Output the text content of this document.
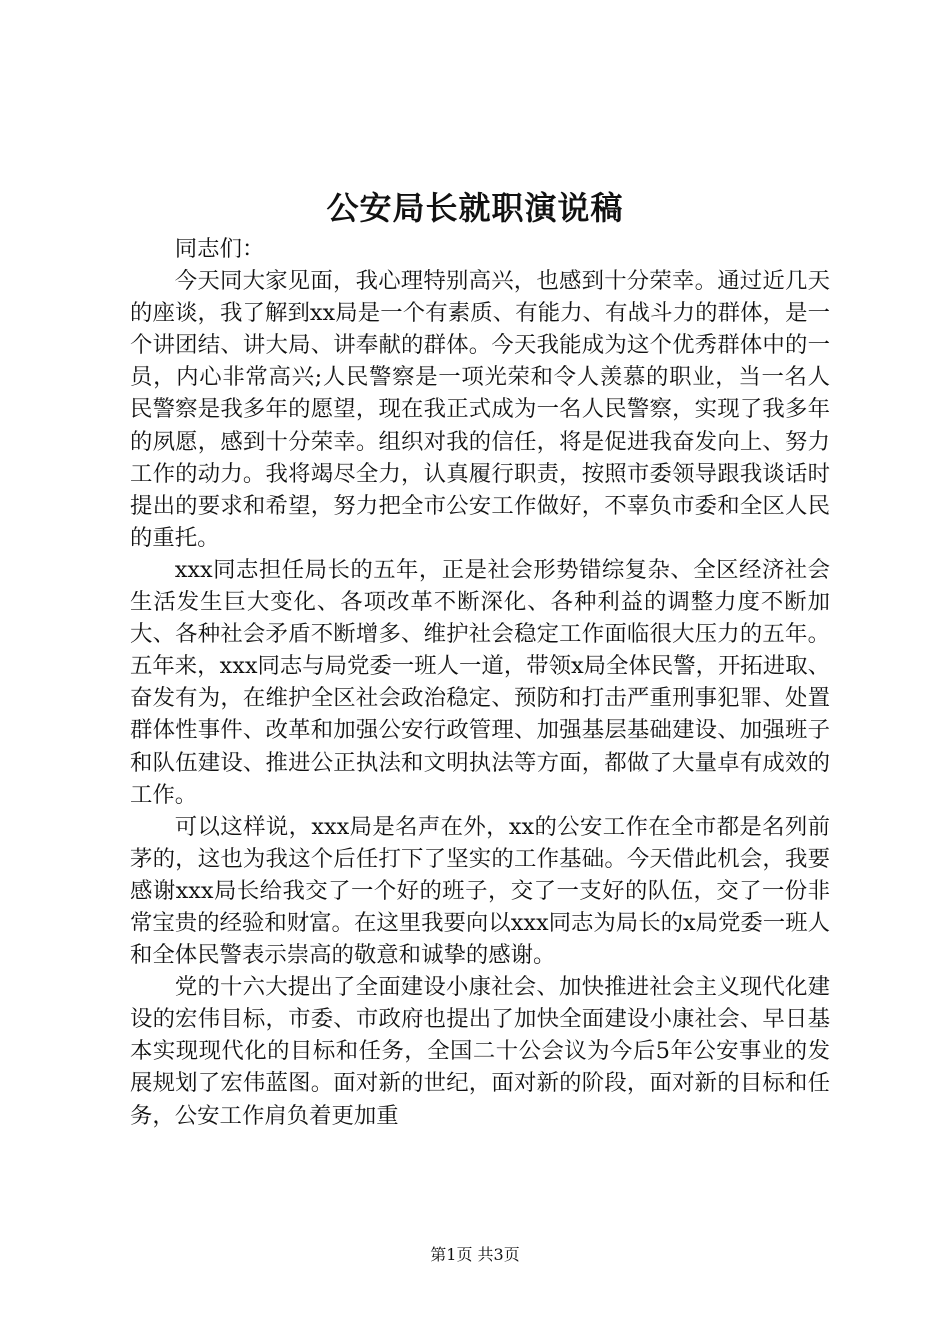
公安局长就职演说稿

同志们：

今天同大家见面，我心理特别高兴，也感到十分荣幸。通过近几天的座谈，我了解到xx局是一个有素质、有能力、有战斗力的群体，是一个讲团结、讲大局、讲奉献的群体。今天我能成为这个优秀群体中的一员，内心非常高兴;人民警察是一项光荣和令人羡慕的职业，当一名人民警察是我多年的愿望，现在我正式成为一名人民警察，实现了我多年的夙愿，感到十分荣幸。组织对我的信任，将是促进我奋发向上、努力工作的动力。我将竭尽全力，认真履行职责，按照市委领导跟我谈话时提出的要求和希望，努力把全市公安工作做好，不辜负市委和全区人民的重托。

xxx同志担任局长的五年，正是社会形势错综复杂、全区经济社会生活发生巨大变化、各项改革不断深化、各种利益的调整力度不断加大、各种社会矛盾不断增多、维护社会稳定工作面临很大压力的五年。五年来，xxx同志与局党委一班人一道，带领x局全体民警，开拓进取、奋发有为，在维护全区社会政治稳定、预防和打击严重刑事犯罪、处置群体性事件、改革和加强公安行政管理、加强基层基础建设、加强班子和队伍建设、推进公正执法和文明执法等方面，都做了大量卓有成效的工作。

可以这样说，xxx局是名声在外，xx的公安工作在全市都是名列前茅的，这也为我这个后任打下了坚实的工作基础。今天借此机会，我要感谢xxx局长给我交了一个好的班子，交了一支好的队伍，交了一份非常宝贵的经验和财富。在这里我要向以xxx同志为局长的x局党委一班人和全体民警表示崇高的敬意和诚挚的感谢。

党的十六大提出了全面建设小康社会、加快推进社会主义现代化建设的宏伟目标，市委、市政府也提出了加快全面建设小康社会、早日基本实现现代化的目标和任务，全国二十公会议为今后5年公安事业的发展规划了宏伟蓝图。面对新的世纪，面对新的阶段，面对新的目标和任务，公安工作肩负着更加重

第1页 共3页
